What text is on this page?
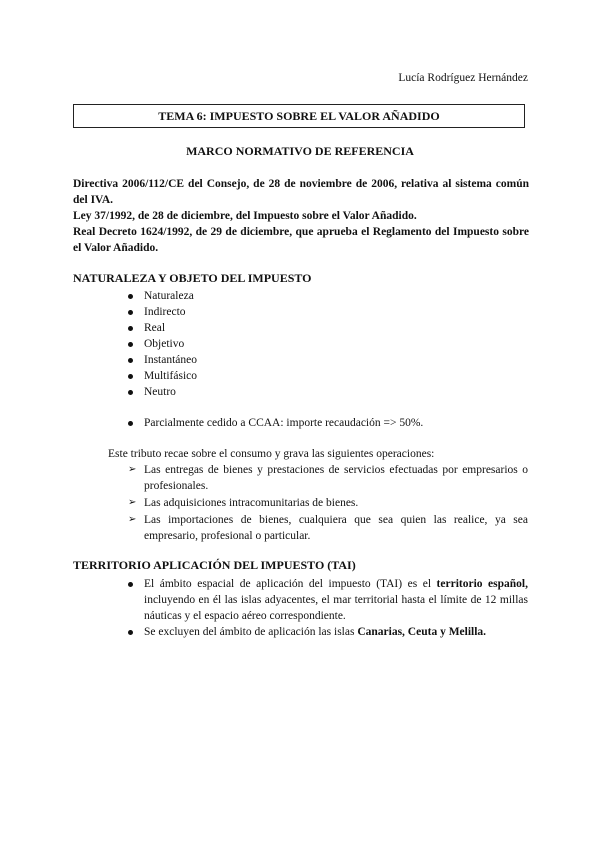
Lucía Rodríguez Hernández
TEMA 6: IMPUESTO SOBRE EL VALOR AÑADIDO
MARCO NORMATIVO DE REFERENCIA
Directiva 2006/112/CE del Consejo, de 28 de noviembre de 2006, relativa al sistema común del IVA.
Ley 37/1992, de 28 de diciembre, del Impuesto sobre el Valor Añadido.
Real Decreto 1624/1992, de 29 de diciembre, que aprueba el Reglamento del Impuesto sobre el Valor Añadido.
NATURALEZA Y OBJETO DEL IMPUESTO
Naturaleza
Indirecto
Real
Objetivo
Instantáneo
Multifásico
Neutro
Parcialmente cedido a CCAA: importe recaudación => 50%.
Este tributo recae sobre el consumo y grava las siguientes operaciones:
➢ Las entregas de bienes y prestaciones de servicios efectuadas por empresarios o profesionales.
➢ Las adquisiciones intracomunitarias de bienes.
➢ Las importaciones de bienes, cualquiera que sea quien las realice, ya sea empresario, profesional o particular.
TERRITORIO APLICACIÓN DEL IMPUESTO (TAI)
El ámbito espacial de aplicación del impuesto (TAI) es el territorio español, incluyendo en él las islas adyacentes, el mar territorial hasta el límite de 12 millas náuticas y el espacio aéreo correspondiente.
Se excluyen del ámbito de aplicación las islas Canarias, Ceuta y Melilla.
